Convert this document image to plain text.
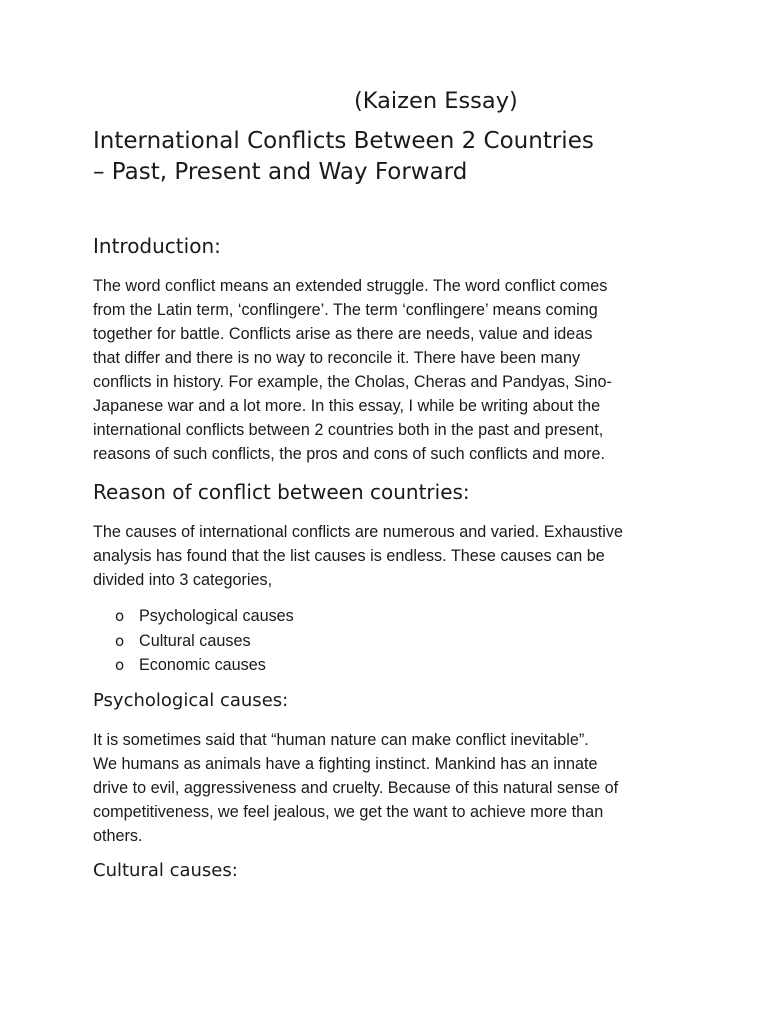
(Kaizen Essay)
International Conflicts Between 2 Countries
– Past, Present and Way Forward
Introduction:

The word conflict means an extended struggle. The word conflict comes
from the Latin term, ‘conflingere’. The term ‘conflingere’ means coming
together for battle. Conflicts arise as there are needs, value and ideas
that differ and there is no way to reconcile it. There have been many
conflicts in history. For example, the Cholas, Cheras and Pandyas, Sino-
Japanese war and a lot more. In this essay, I while be writing about the
international conflicts between 2 countries both in the past and present,
reasons of such conflicts, the pros and cons of such conflicts and more.

Reason of conflict between countries:

The causes of international conflicts are numerous and varied. Exhaustive
analysis has found that the list causes is endless. These causes can be
divided into 3 categories,

o Psychological causes
o Cultural causes
o Economic causes
Psychological causes:

It is sometimes said that “human nature can make conflict inevitable”.
We humans as animals have a fighting instinct. Mankind has an innate
drive to evil, aggressiveness and cruelty. Because of this natural sense of
competitiveness, we feel jealous, we get the want to achieve more than
others.

Cultural causes:
